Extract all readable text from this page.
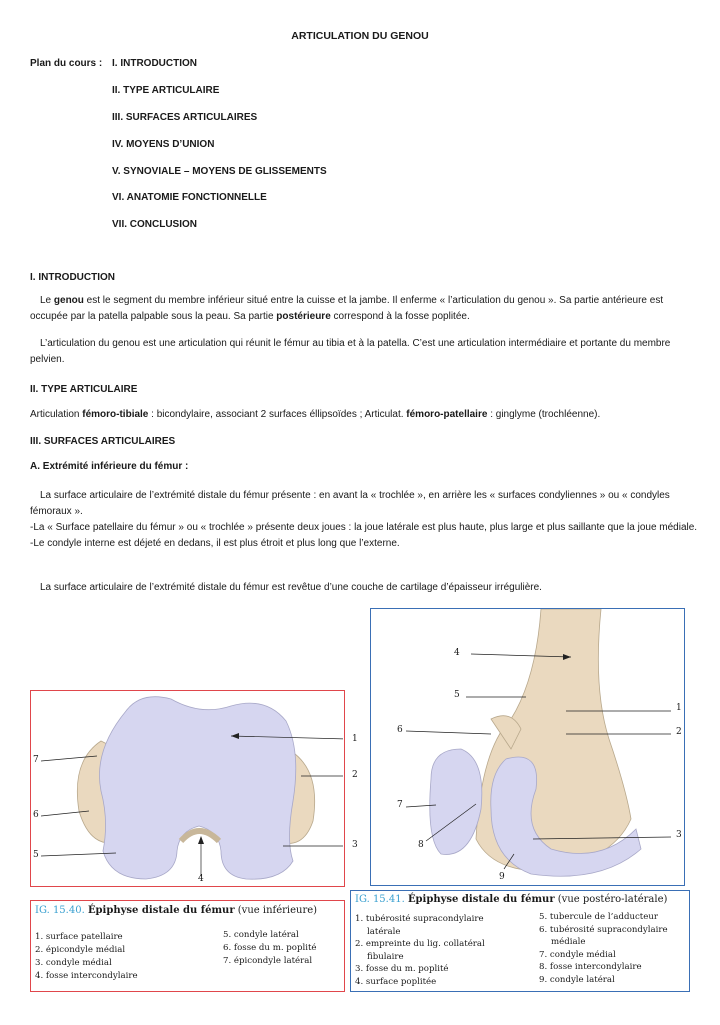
ARTICULATION DU GENOU
Plan du cours : I. INTRODUCTION
II. TYPE ARTICULAIRE
III. SURFACES ARTICULAIRES
IV. MOYENS D’UNION
V. SYNOVIALE – MOYENS DE GLISSEMENTS
VI. ANATOMIE FONCTIONNELLE
VII. CONCLUSION
I. INTRODUCTION
Le genou est le segment du membre inférieur situé entre la cuisse et la jambe. Il enferme « l’articulation du genou ». Sa partie antérieure est occupée par la patella palpable sous la peau. Sa partie postérieure correspond à la fosse poplitée.
L’articulation du genou est une articulation qui réunit le fémur au tibia et à la patella. C’est une articulation intermédiaire et portante du membre pelvien.
II. TYPE ARTICULAIRE
Articulation fémoro-tibiale : bicondylaire, associant 2 surfaces éllipsoïdes ; Articulat. fémoro-patellaire : ginglyme (trochléenne).
III. SURFACES ARTICULAIRES
A. Extrémité inférieure du fémur :
La surface articulaire de l’extrémité distale du fémur présente : en avant la « trochlée », en arrière les « surfaces condyliennes » ou « condyles fémoraux ».
-La « Surface patellaire du fémur » ou « trochlée » présente deux joues : la joue latérale est plus haute, plus large et plus saillante que la joue médiale.
-Le condyle interne est déjeté en dedans, il est plus étroit et plus long que l’externe.
La surface articulaire de l’extrémité distale du fémur est revêtue d’une couche de cartilage d’épaisseur irrégulière.
1
2
3
4
5
6
7
1
2
3
4
5
6
7
8
9
IG. 15.40. Épiphyse distale du fémur (vue inférieure)
1. surface patellaire
2. épicondyle médial
3. condyle médial
4. fosse intercondylaire
5. condyle latéral
6. fosse du m. poplité
7. épicondyle latéral
IG. 15.41. Épiphyse distale du fémur (vue postéro-latérale)
1. tubérosité supracondylaire
latérale
2. empreinte du lig. collatéral
fibulaire
3. fosse du m. poplité
4. surface poplitée
5. tubercule de l’adducteur
6. tubérosité supracondylaire
médiale
7. condyle médial
8. fosse intercondylaire
9. condyle latéral
